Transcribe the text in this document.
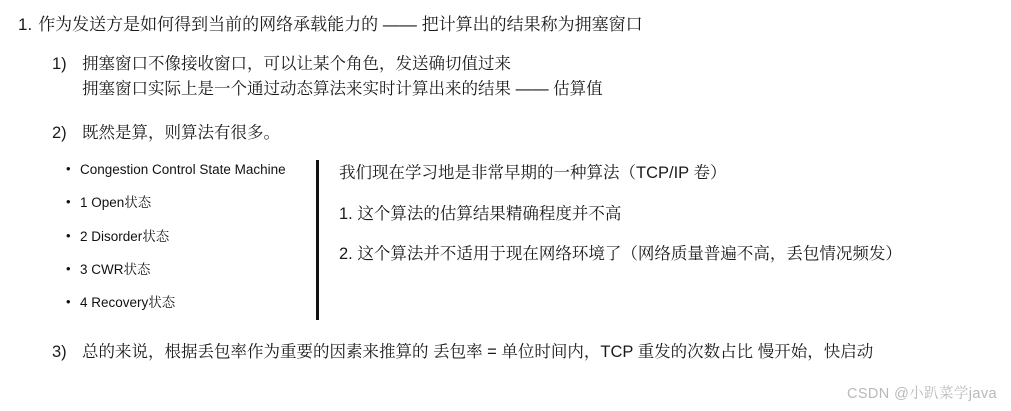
1. 作为发送方是如何得到当前的网络承载能力的 —— 把计算出的结果称为拥塞窗口
1) 拥塞窗口不像接收窗口，可以让某个角色，发送确切值过来 拥塞窗口实际上是一个通过动态算法来实时计算出来的结果 —— 估算值
2) 既然是算，则算法有很多。
• Congestion Control State Machine
• 1 Open状态
• 2 Disorder状态
• 3 CWR状态
• 4 Recovery状态
我们现在学习地是非常早期的一种算法（TCP/IP 卷）
1. 这个算法的估算结果精确程度并不高
2. 这个算法并不适用于现在网络环境了（网络质量普遍不高，丢包情况频发）
3) 总的来说，根据丢包率作为重要的因素来推算的 丢包率 = 单位时间内，TCP 重发的次数占比 慢开始，快启动
CSDN @小趴菜学java
